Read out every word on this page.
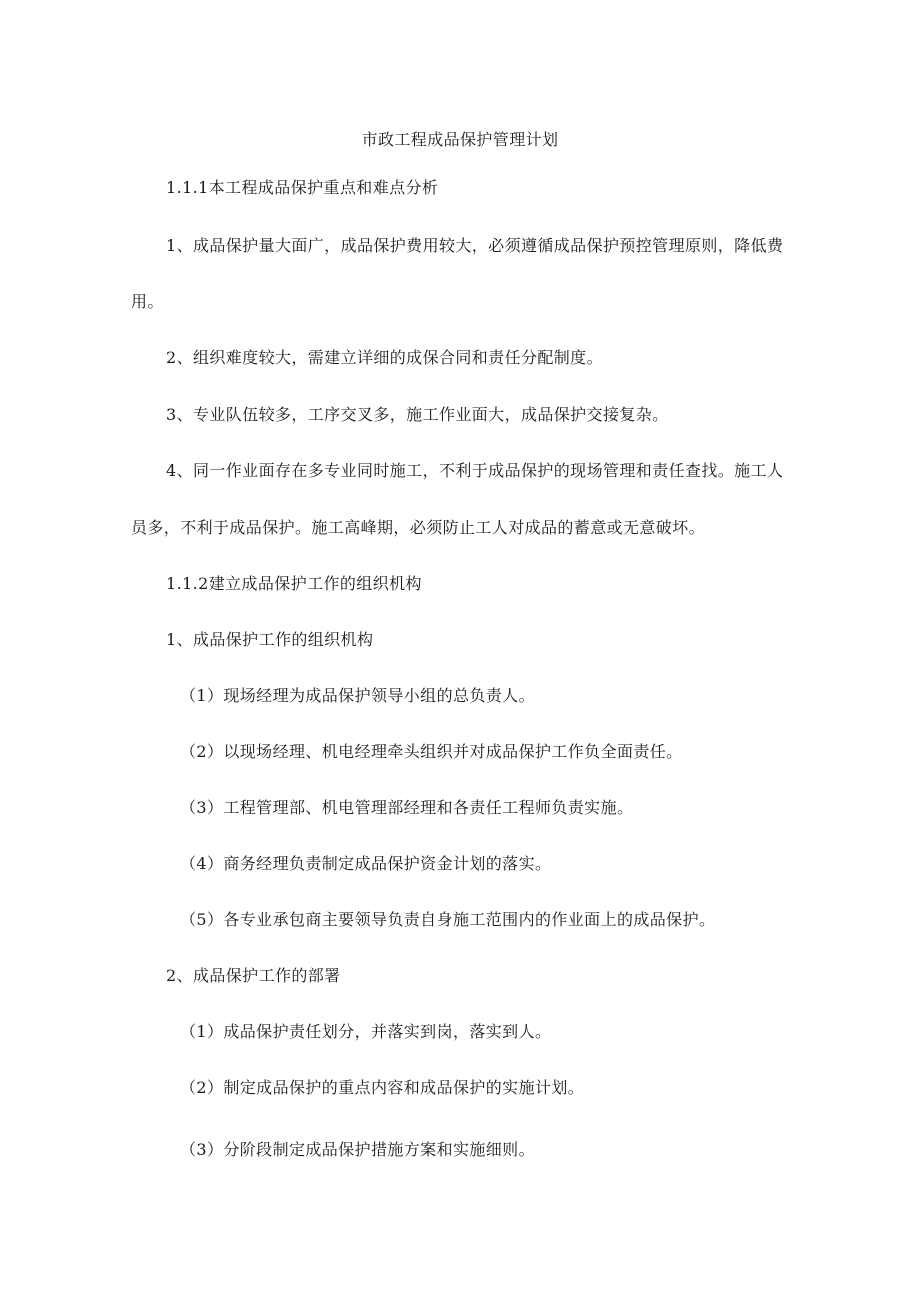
市政工程成品保护管理计划
1.1.1本工程成品保护重点和难点分析
1、成品保护量大面广，成品保护费用较大，必须遵循成品保护预控管理原则，降低费
用。
2、组织难度较大，需建立详细的成保合同和责任分配制度。
3、专业队伍较多，工序交叉多，施工作业面大，成品保护交接复杂。
4、同一作业面存在多专业同时施工，不利于成品保护的现场管理和责任查找。施工人
员多，不利于成品保护。施工高峰期，必须防止工人对成品的蓄意或无意破坏。
1.1.2建立成品保护工作的组织机构
1、成品保护工作的组织机构
（1）现场经理为成品保护领导小组的总负责人。
（2）以现场经理、机电经理牵头组织并对成品保护工作负全面责任。
（3）工程管理部、机电管理部经理和各责任工程师负责实施。
（4）商务经理负责制定成品保护资金计划的落实。
（5）各专业承包商主要领导负责自身施工范围内的作业面上的成品保护。
2、成品保护工作的部署
（1）成品保护责任划分，并落实到岗，落实到人。
（2）制定成品保护的重点内容和成品保护的实施计划。
（3）分阶段制定成品保护措施方案和实施细则。
